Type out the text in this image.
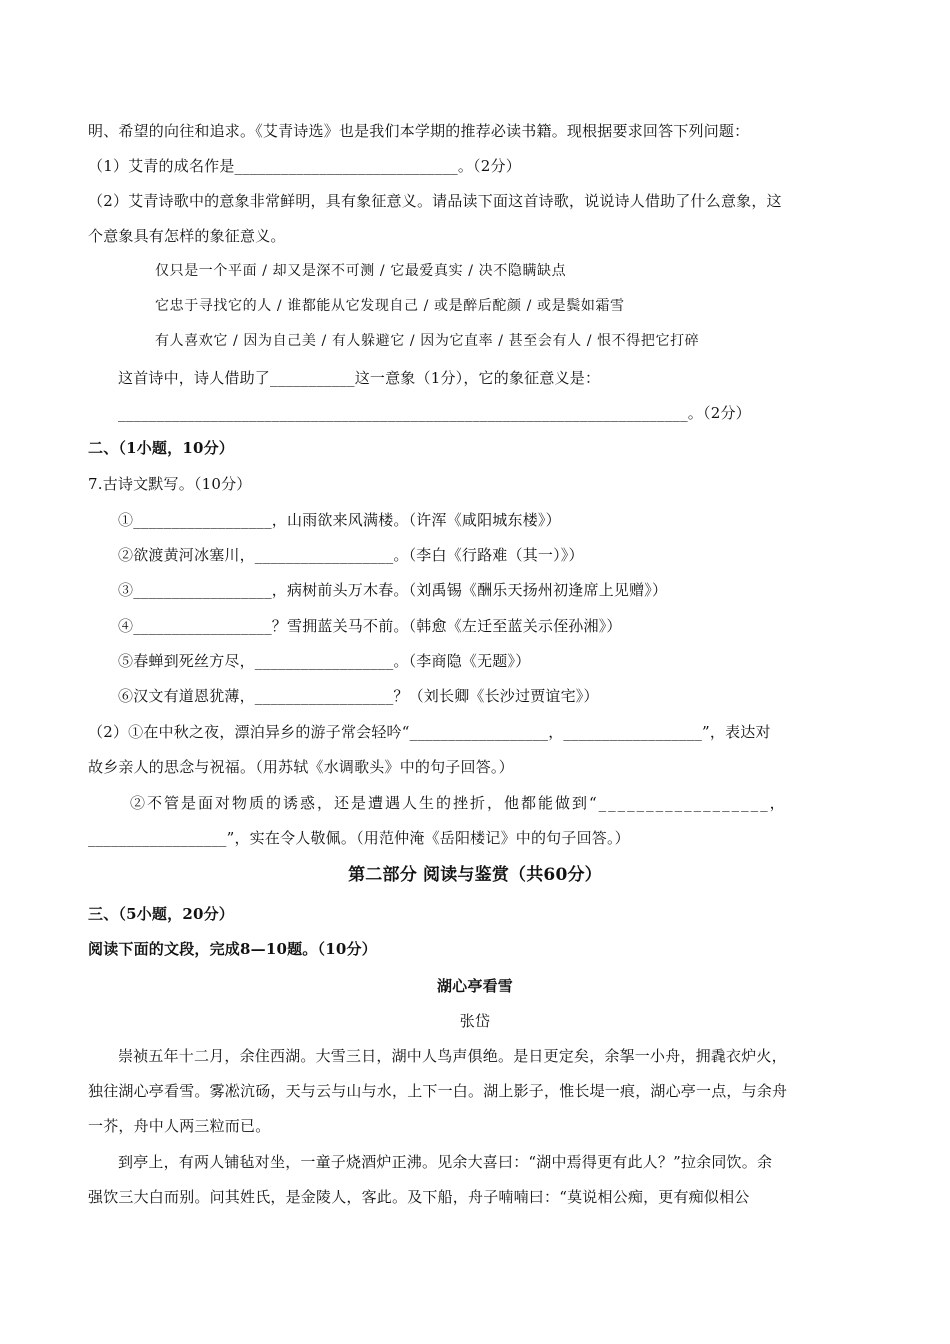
明、希望的向往和追求。《艾青诗选》也是我们本学期的推荐必读书籍。现根据要求回答下列问题：
（1）艾青的成名作是_____________________________。（2分）
（2）艾青诗歌中的意象非常鲜明，具有象征意义。请品读下面这首诗歌，说说诗人借助了什么意象，这
个意象具有怎样的象征意义。
仅只是一个平面 / 却又是深不可测 / 它最爱真实 / 决不隐瞒缺点
它忠于寻找它的人 / 谁都能从它发现自己 / 或是醉后酡颜 / 或是鬓如霜雪
有人喜欢它 / 因为自己美 / 有人躲避它 / 因为它直率 / 甚至会有人 / 恨不得把它打碎
这首诗中，诗人借助了___________这一意象（1分），它的象征意义是：
__________________________________________________________________________。（2分）
二、（1小题，10分）
7.古诗文默写。（10分）
①__________________，山雨欲来风满楼。（许浑《咸阳城东楼》）
②欲渡黄河冰塞川，__________________。（李白《行路难（其一）》）
③__________________，病树前头万木春。（刘禹锡《酬乐天扬州初逢席上见赠》）
④__________________？雪拥蓝关马不前。（韩愈《左迁至蓝关示侄孙湘》）
⑤春蝉到死丝方尽，__________________。（李商隐《无题》）
⑥汉文有道恩犹薄，__________________？（刘长卿《长沙过贾谊宅》）
（2）①在中秋之夜，漂泊异乡的游子常会轻吟“__________________，__________________”，表达对
故乡亲人的思念与祝福。（用苏轼《水调歌头》中的句子回答。）
②不管是面对物质的诱惑，还是遭遇人生的挫折，他都能做到“__________________，
__________________”，实在令人敬佩。（用范仲淹《岳阳楼记》中的句子回答。）
第二部分 阅读与鉴赏（共60分）
三、（5小题，20分）
阅读下面的文段，完成8—10题。（10分）
湖心亭看雪
张岱
崇祯五年十二月，余住西湖。大雪三日，湖中人鸟声俱绝。是日更定矣，余挐一小舟，拥毳衣炉火，
独往湖心亭看雪。雾凇沆砀，天与云与山与水，上下一白。湖上影子，惟长堤一痕，湖心亭一点，与余舟
一芥，舟中人两三粒而已。
到亭上，有两人铺毡对坐，一童子烧酒炉正沸。见余大喜曰：“湖中焉得更有此人？”拉余同饮。余
强饮三大白而别。问其姓氏，是金陵人，客此。及下船，舟子喃喃曰：“莫说相公痴，更有痴似相公
